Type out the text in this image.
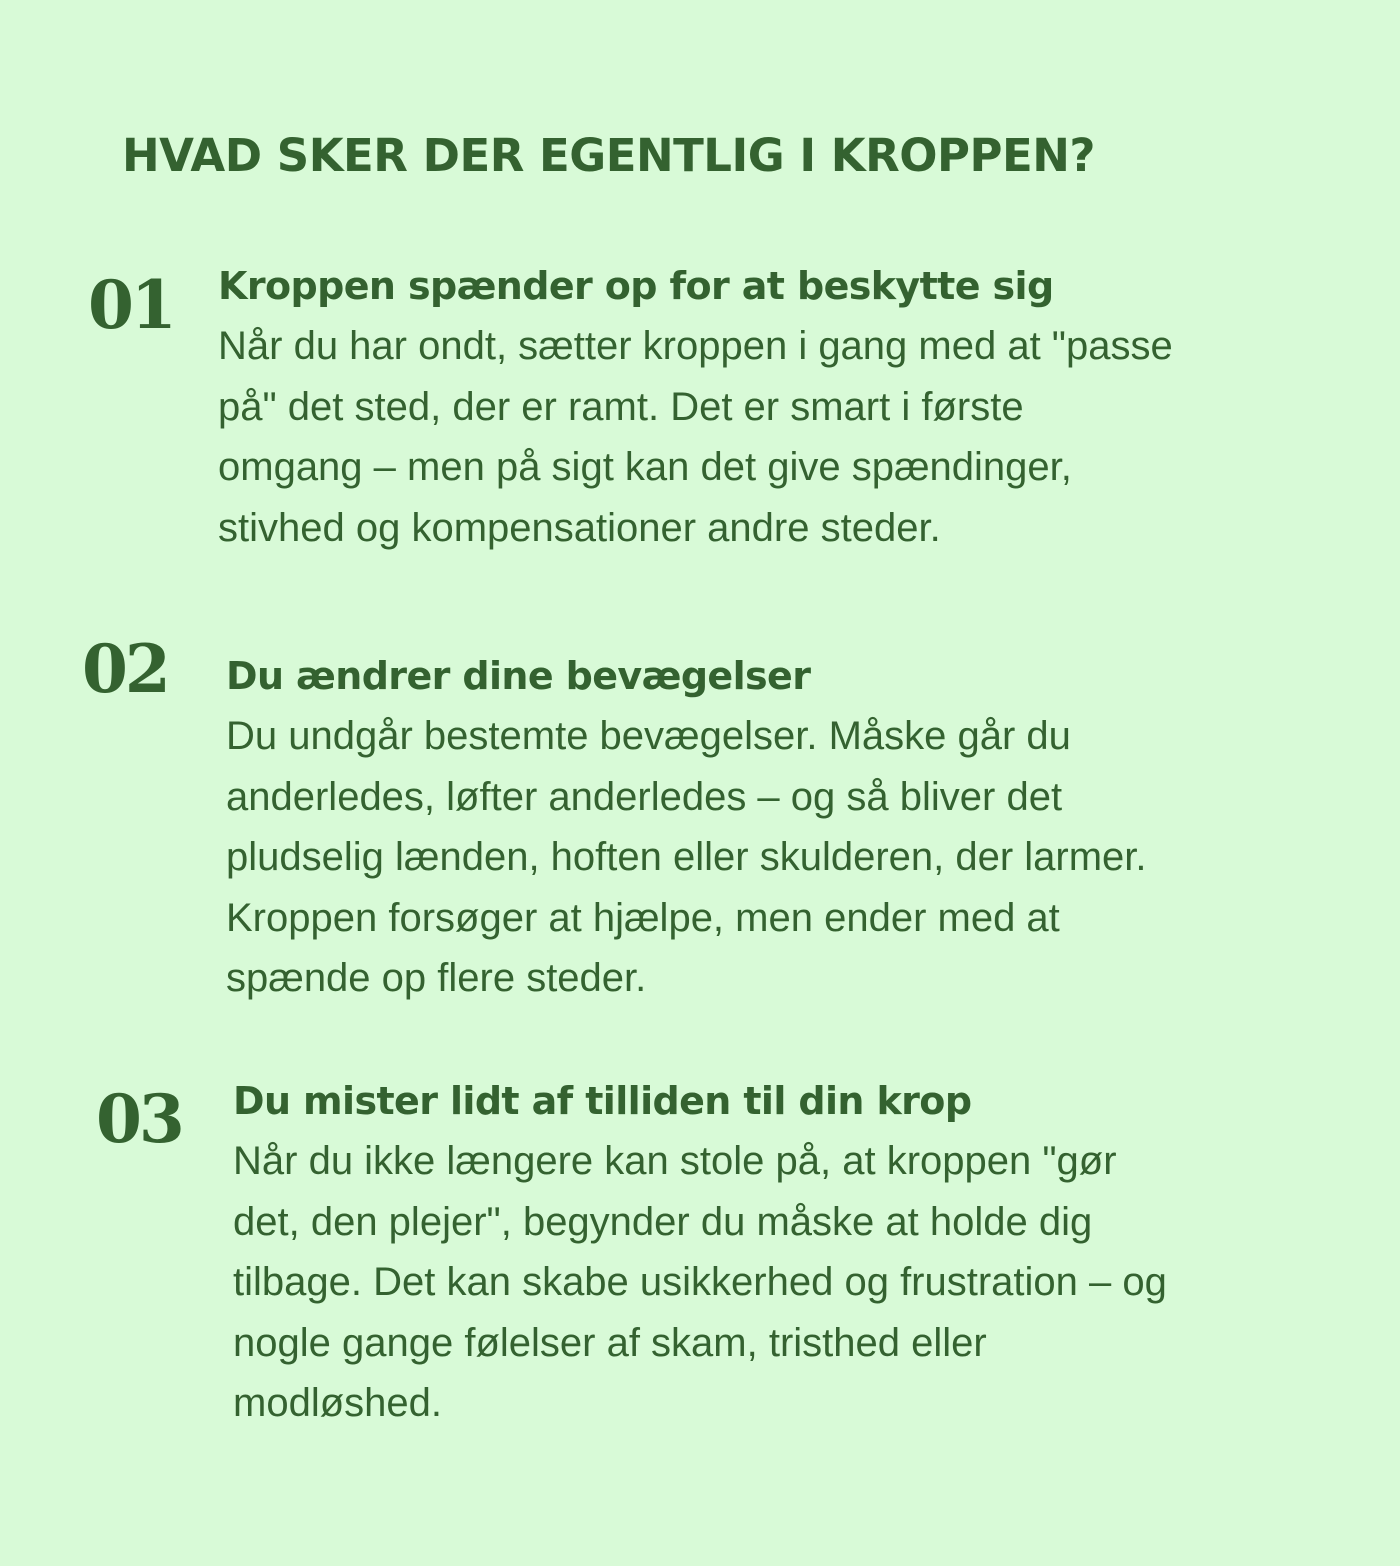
HVAD SKER DER EGENTLIG I KROPPEN?
01 Kroppen spænder op for at beskytte sig

Når du har ondt, sætter kroppen i gang med at "passe
på" det sted, der er ramt. Det er smart i første
omgang – men på sigt kan det give spændinger,
stivhed og kompensationer andre steder.

02 Du ændrer dine bevægelser

Du undgår bestemte bevægelser. Måske går du
anderledes, løfter anderledes – og så bliver det
pludselig lænden, hoften eller skulderen, der larmer.
Kroppen forsøger at hjælpe, men ender med at
spænde op flere steder.

03 Du mister lidt af tilliden til din krop

Når du ikke længere kan stole på, at kroppen "gør
det, den plejer", begynder du måske at holde dig
tilbage. Det kan skabe usikkerhed og frustration – og
nogle gange følelser af skam, tristhed eller
modløshed.
